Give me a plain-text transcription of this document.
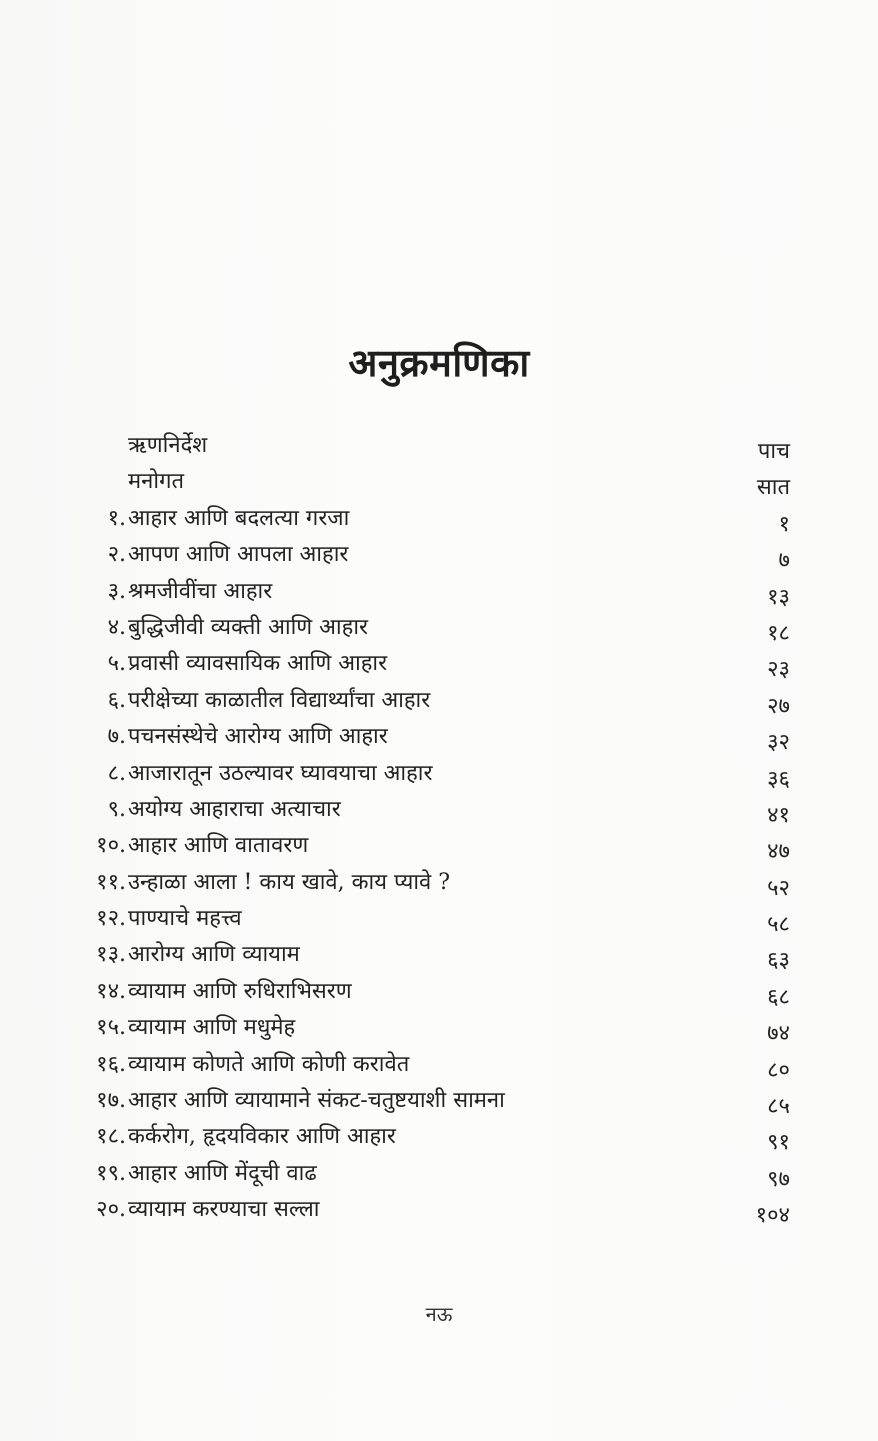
अनुक्रमणिका
ऋणनिर्देश	पाच
मनोगत	सात
१. आहार आणि बदलत्या गरजा	१
२. आपण आणि आपला आहार	७
३. श्रमजीवींचा आहार	१३
४. बुद्धिजीवी व्यक्ती आणि आहार	१८
५. प्रवासी व्यावसायिक आणि आहार	२३
६. परीक्षेच्या काळातील विद्यार्थ्यांचा आहार	२७
७. पचनसंस्थेचे आरोग्य आणि आहार	३२
८. आजारातून उठल्यावर घ्यावयाचा आहार	३६
९. अयोग्य आहाराचा अत्याचार	४१
१०. आहार आणि वातावरण	४७
११. उन्हाळा आला ! काय खावे, काय प्यावे ?	५२
१२. पाण्याचे महत्त्व	५८
१३. आरोग्य आणि व्यायाम	६३
१४. व्यायाम आणि रुधिराभिसरण	६८
१५. व्यायाम आणि मधुमेह	७४
१६. व्यायाम कोणते आणि कोणी करावेत	८०
१७. आहार आणि व्यायामाने संकट-चतुष्टयाशी सामना	८५
१८. कर्करोग, हृदयविकार आणि आहार	९१
१९. आहार आणि मेंदूची वाढ	९७
२०. व्यायाम करण्याचा सल्ला	१०४
नऊ
